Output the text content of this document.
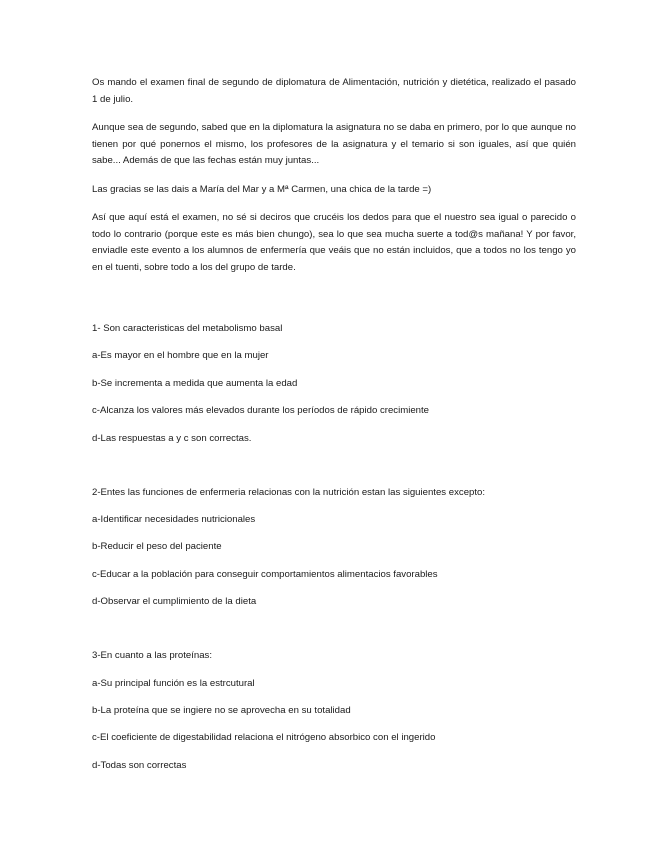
Os mando el examen final de segundo de diplomatura de Alimentación, nutrición y dietética, realizado el pasado 1 de julio.

Aunque sea de segundo, sabed que en la diplomatura la asignatura no se daba en primero, por lo que aunque no tienen por qué ponernos el mismo, los profesores de la asignatura y el temario si son iguales, así que quién sabe... Además de que las fechas están muy juntas...

Las gracias se las dais a María del Mar y a Mª Carmen, una chica de la tarde =)

Así que aquí está el examen, no sé si deciros que crucéis los dedos para que el nuestro sea igual o parecido o todo lo contrario (porque este es más bien chungo), sea lo que sea mucha suerte a tod@s mañana! Y por favor, enviadle este evento a los alumnos de enfermería que veáis que no están incluidos, que a todos no los tengo yo en el tuenti, sobre todo a los del grupo de tarde.

1- Son caracteristicas del metabolismo basal

a-Es mayor en el hombre que en la mujer

b-Se incrementa a medida que aumenta la edad

c-Alcanza los valores más elevados durante los períodos de rápido crecimiente

d-Las respuestas a y c son correctas.

2-Entes las funciones de enfermeria relacionas con la nutrición estan las siguientes excepto:

a-Identificar necesidades nutricionales

b-Reducir el peso del paciente

c-Educar a la población para conseguir comportamientos alimentacios favorables

d-Observar el cumplimiento de la dieta

3-En cuanto a las proteínas:

a-Su principal función es la estrcutural

b-La proteína que se ingiere no se aprovecha en su totalidad

c-El coeficiente de digestabilidad relaciona el nitrógeno absorbico con el ingerido

d-Todas son correctas
